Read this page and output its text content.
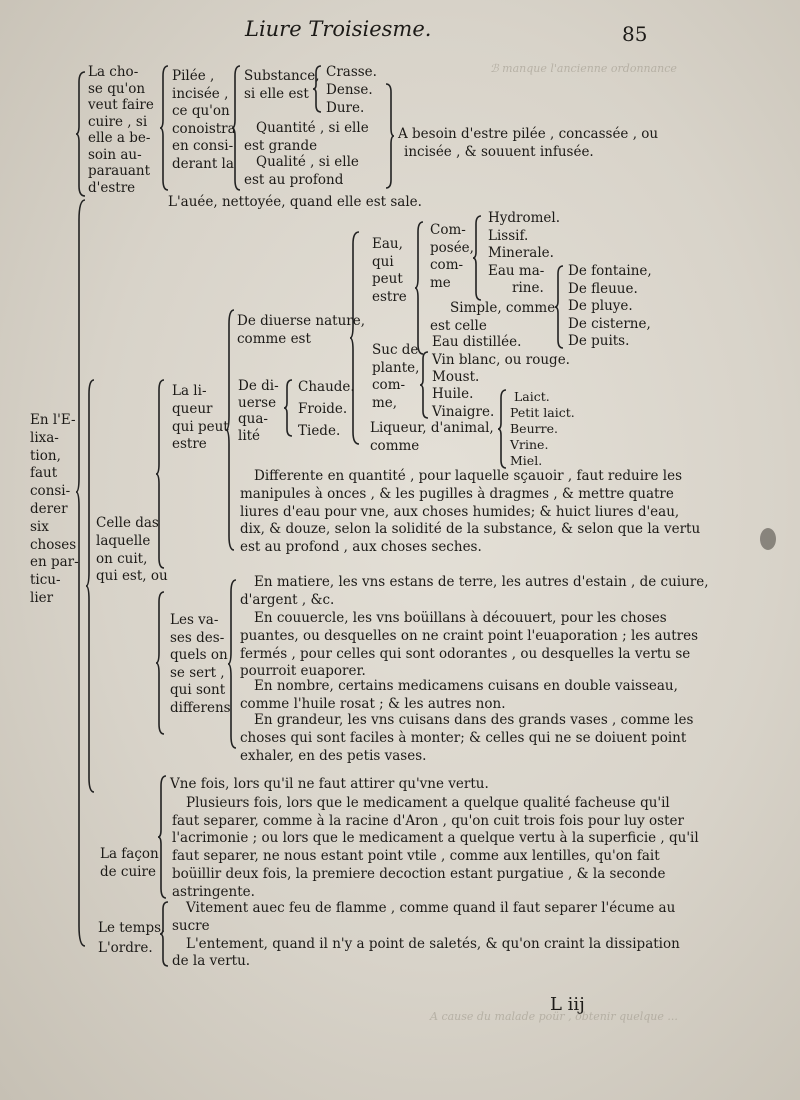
Liure Troisiesme.	85
ℬ manque l'ancienne ordonnance
A cause du malade poür , obtenir quelque ...
La cho-
se qu'on
veut faire
cuire , si
elle a be-
soin au-
parauant
d'estre
Pilée ,
incisée ,
ce qu'on
conoistra
en consi-
derant la
Substance,
si elle est
Crasse.
Dense.
Dure.
Quantité , si elle
est grande
Qualité , si elle
est au profond
A besoin d'estre pilée , concassée , ou
incisée , & souuent infusée.
L'auée, nettoyée, quand elle est sale.
En l'E-
lixa-
tion,
faut
consi-
derer
six
choses
en par-
ticu-
lier
Celle das
laquelle
on cuit,
qui est, ou
La li-
queur
qui peut
estre
De diuerse nature,
comme est
Eau,
qui
peut
estre
Com-
posée,
com-
me
Hydromel.
Lissif.
Minerale.
Eau ma-
rine.
Simple, comme
est celle
De fontaine,
De fleuue.
De pluye.
De cisterne,
De puits.
Eau distillée.
Suc de
plante,
com-
me,
Vin blanc, ou rouge.
Moust.
Huile.
Vinaigre.
Liqueur, d'animal,
comme
Laict.
Petit laict.
Beurre.
Vrine.
Miel.
De di-
uerse
qua-
lité
Chaude.
Froide.
Tiede.
Differente en quantité , pour laquelle sçauoir , faut reduire les
manipules à onces , & les pugilles à dragmes , & mettre quatre
liures d'eau pour vne, aux choses humides; & huict liures d'eau,
dix, & douze, selon la solidité de la substance, & selon que la vertu
est au profond , aux choses seches.
Les va-
ses des-
quels on
se sert ,
qui sont
differens
En matiere, les vns estans de terre, les autres d'estain , de cuiure,
d'argent , &c.
En couuercle, les vns boüillans à découuert, pour les choses
puantes, ou desquelles on ne craint point l'euaporation ; les autres
fermés , pour celles qui sont odorantes , ou desquelles la vertu se
pourroit euaporer.
En nombre, certains medicamens cuisans en double vaisseau,
comme l'huile rosat ; & les autres non.
En grandeur, les vns cuisans dans des grands vases , comme les
choses qui sont faciles à monter; & celles qui ne se doiuent point
exhaler, en des petis vases.
La façon
de cuire
Vne fois, lors qu'il ne faut attirer qu'vne vertu.
Plusieurs fois, lors que le medicament a quelque qualité facheuse qu'il
faut separer, comme à la racine d'Aron , qu'on cuit trois fois pour luy oster
l'acrimonie ; ou lors que le medicament a quelque vertu à la superficie , qu'il
faut separer, ne nous estant point vtile , comme aux lentilles, qu'on fait
boüillir deux fois, la premiere decoction estant purgatiue , & la seconde
astringente.
Le temps.
L'ordre.
Vitement auec feu de flamme , comme quand il faut separer l'écume au
sucre
L'entement, quand il n'y a point de saletés, & qu'on craint la dissipation
de la vertu.
L iij
